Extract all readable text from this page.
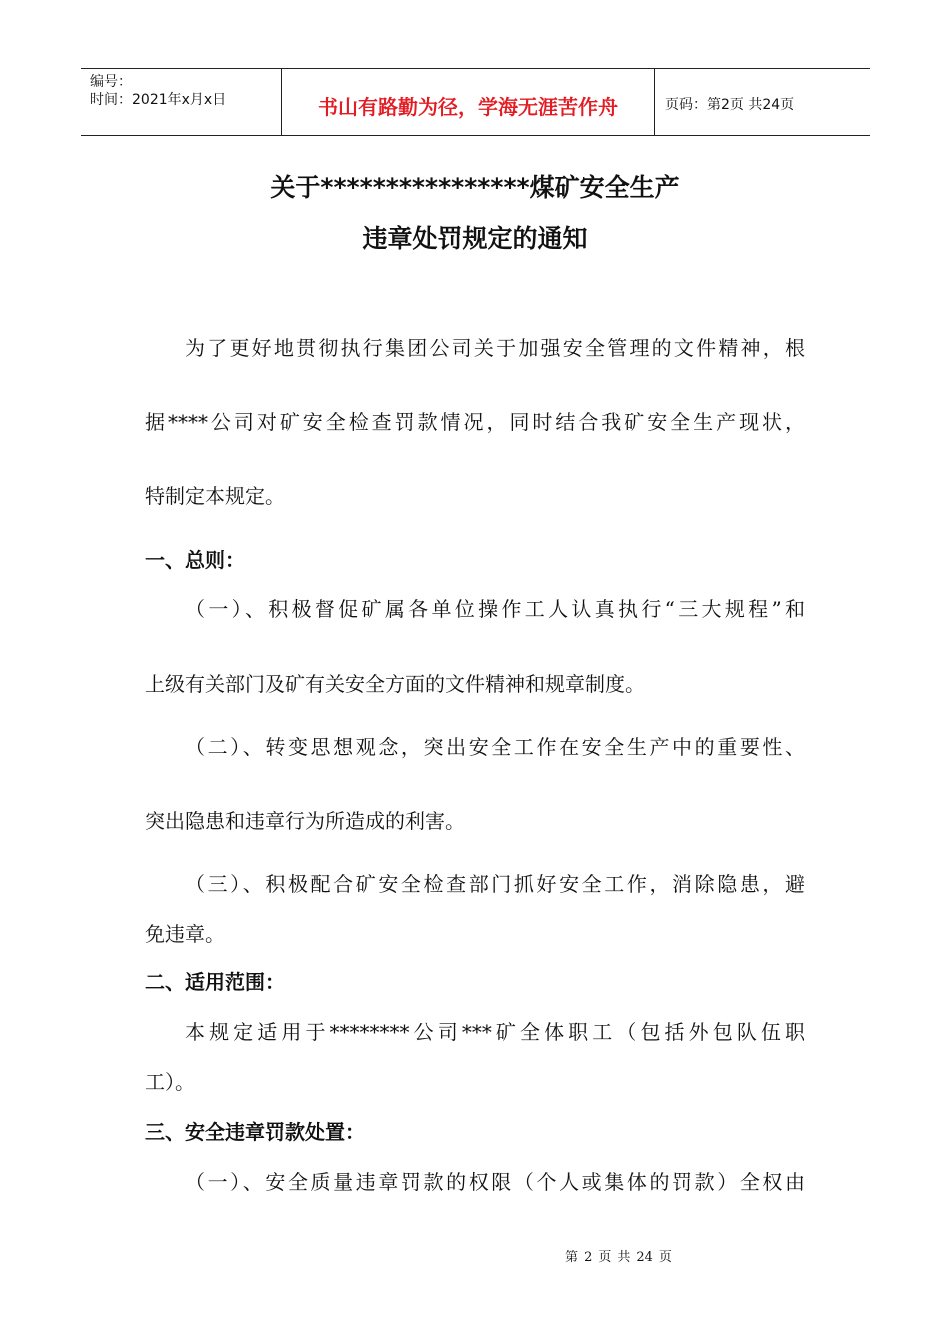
编号：
时间：2021年x月x日	书山有路勤为径，学海无涯苦作舟	页码：第2页 共24页
关于****************煤矿安全生产
违章处罚规定的通知
为了更好地贯彻执行集团公司关于加强安全管理的文件精神，根
据****公司对矿安全检查罚款情况，同时结合我矿安全生产现状，
特制定本规定。
一、总则：
（一）、积极督促矿属各单位操作工人认真执行“三大规程”和
上级有关部门及矿有关安全方面的文件精神和规章制度。
（二）、转变思想观念，突出安全工作在安全生产中的重要性、
突出隐患和违章行为所造成的利害。
（三）、积极配合矿安全检查部门抓好安全工作，消除隐患，避
免违章。
二、适用范围：
本规定适用于********公司***矿全体职工（包括外包队伍职
工）。
三、安全违章罚款处置：
（一）、安全质量违章罚款的权限（个人或集体的罚款）全权由
第 2 页 共 24 页
